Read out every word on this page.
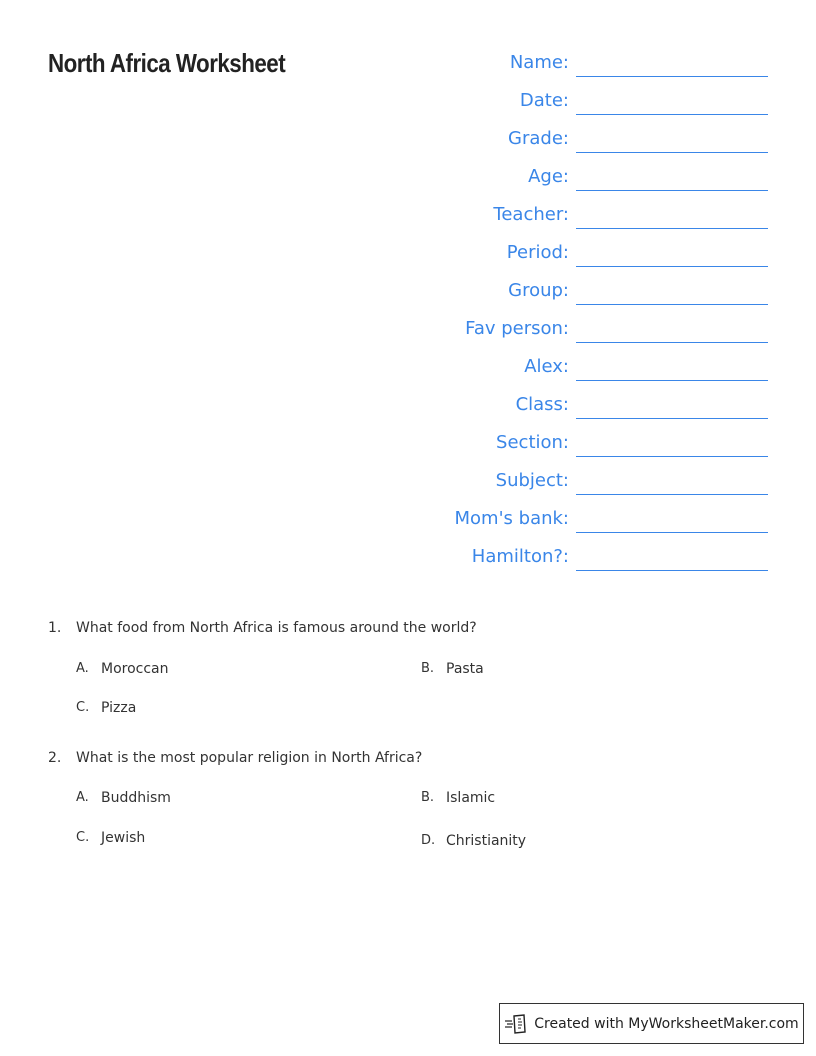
North Africa Worksheet	Name:
Date:
Grade:
Age:
Teacher:
Period:
Group:
Fav person:
Alex:
Class:
Section:
Subject:
Mom's bank:
Hamilton?:
1. What food from North Africa is famous around the world?
A. Moroccan	B. Pasta
C. Pizza
2. What is the most popular religion in North Africa?
A. Buddhism	B. Islamic
C. Jewish	D. Christianity
Created with MyWorksheetMaker.com
